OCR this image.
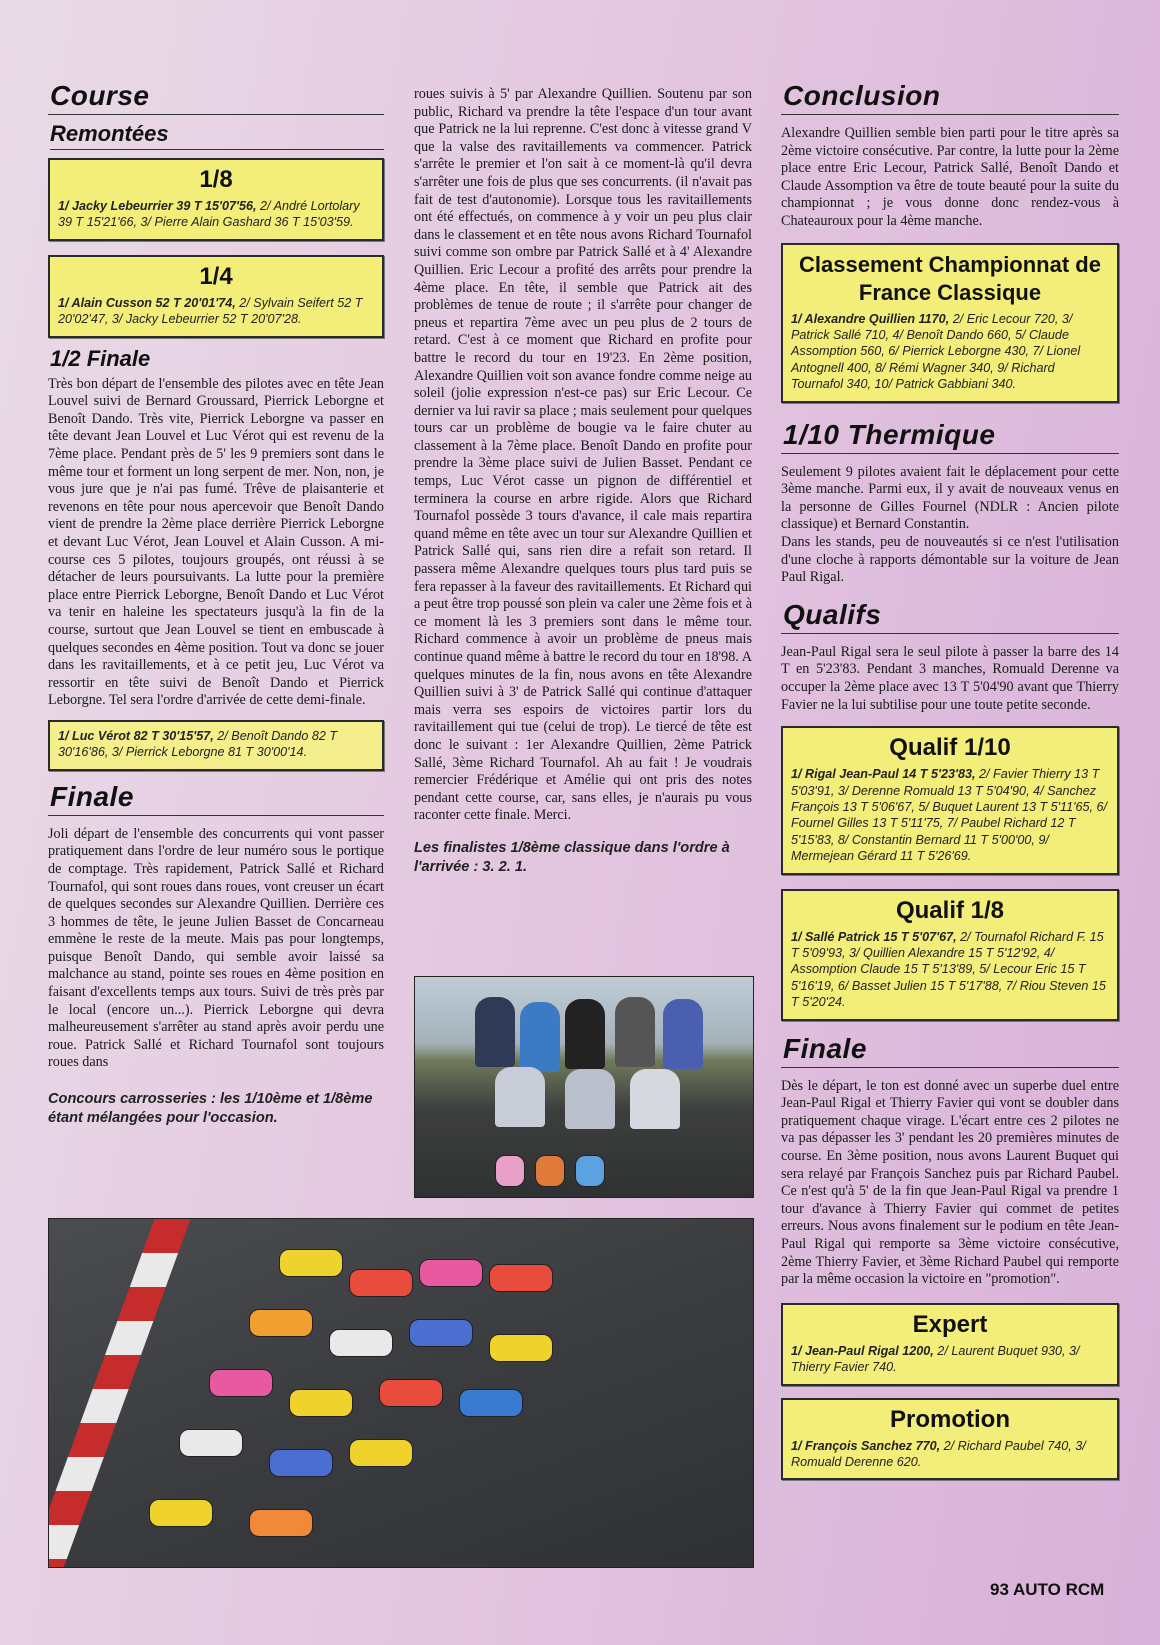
Course
Remontées
1/8

1/ Jacky Lebeurrier 39 T 15'07'56, 2/ André Lortolary 39 T 15'21'66, 3/ Pierre Alain Gashard 36 T 15'03'59.

1/4

1/ Alain Cusson 52 T 20'01'74, 2/ Sylvain Seifert 52 T 20'02'47, 3/ Jacky Lebeurrier 52 T 20'07'28.

1/2 Finale

Très bon départ de l'ensemble des pilotes avec en tête Jean Louvel suivi de Bernard Groussard, Pierrick Leborgne et Benoît Dando. Très vite, Pierrick Leborgne va passer en tête devant Jean Louvel et Luc Vérot qui est revenu de la 7ème place. Pendant près de 5' les 9 premiers sont dans le même tour et forment un long serpent de mer. Non, non, je vous jure que je n'ai pas fumé. Trêve de plaisanterie et revenons en tête pour nous apercevoir que Benoît Dando vient de prendre la 2ème place derrière Pierrick Leborgne et devant Luc Vérot, Jean Louvel et Alain Cusson. A mi-course ces 5 pilotes, toujours groupés, ont réussi à se détacher de leurs poursuivants. La lutte pour la première place entre Pierrick Leborgne, Benoît Dando et Luc Vérot va tenir en haleine les spectateurs jusqu'à la fin de la course, surtout que Jean Louvel se tient en embuscade à quelques secondes en 4ème position. Tout va donc se jouer dans les ravitaillements, et à ce petit jeu, Luc Vérot va ressortir en tête suivi de Benoît Dando et Pierrick Leborgne. Tel sera l'ordre d'arrivée de cette demi-finale.

1/ Luc Vérot 82 T 30'15'57, 2/ Benoît Dando 82 T 30'16'86, 3/ Pierrick Leborgne 81 T 30'00'14.

Finale

Joli départ de l'ensemble des concurrents qui vont passer pratiquement dans l'ordre de leur numéro sous le portique de comptage. Très rapidement, Patrick Sallé et Richard Tournafol, qui sont roues dans roues, vont creuser un écart de quelques secondes sur Alexandre Quillien. Derrière ces 3 hommes de tête, le jeune Julien Basset de Concarneau emmène le reste de la meute. Mais pas pour longtemps, puisque Benoît Dando, qui semble avoir laissé sa malchance au stand, pointe ses roues en 4ème position en faisant d'excellents temps aux tours. Suivi de très près par le local (encore un...). Pierrick Leborgne qui devra malheureusement s'arrêter au stand après avoir perdu une roue. Patrick Sallé et Richard Tournafol sont toujours roues dans

Concours carrosseries : les 1/10ème et 1/8ème étant mélangées pour l'occasion.

roues suivis à 5' par Alexandre Quillien. Soutenu par son public, Richard va prendre la tête l'espace d'un tour avant que Patrick ne la lui reprenne. C'est donc à vitesse grand V que la valse des ravitaillements va commencer. Patrick s'arrête le premier et l'on sait à ce moment-là qu'il devra s'arrêter une fois de plus que ses concurrents. (il n'avait pas fait de test d'autonomie). Lorsque tous les ravitaillements ont été effectués, on commence à y voir un peu plus clair dans le classement et en tête nous avons Richard Tournafol suivi comme son ombre par Patrick Sallé et à 4' Alexandre Quillien. Eric Lecour a profité des arrêts pour prendre la 4ème place. En tête, il semble que Patrick ait des problèmes de tenue de route ; il s'arrête pour changer de pneus et repartira 7ème avec un peu plus de 2 tours de retard. C'est à ce moment que Richard en profite pour battre le record du tour en 19'23. En 2ème position, Alexandre Quillien voit son avance fondre comme neige au soleil (jolie expression n'est-ce pas) sur Eric Lecour. Ce dernier va lui ravir sa place ; mais seulement pour quelques tours car un problème de bougie va le faire chuter au classement à la 7ème place. Benoît Dando en profite pour prendre la 3ème place suivi de Julien Basset. Pendant ce temps, Luc Vérot casse un pignon de différentiel et terminera la course en arbre rigide. Alors que Richard Tournafol possède 3 tours d'avance, il cale mais repartira quand même en tête avec un tour sur Alexandre Quillien et Patrick Sallé qui, sans rien dire a refait son retard. Il passera même Alexandre quelques tours plus tard puis se fera repasser à la faveur des ravitaillements. Et Richard qui a peut être trop poussé son plein va caler une 2ème fois et à ce moment là les 3 premiers sont dans le même tour. Richard commence à avoir un problème de pneus mais continue quand même à battre le record du tour en 18'98. A quelques minutes de la fin, nous avons en tête Alexandre Quillien suivi à 3' de Patrick Sallé qui continue d'attaquer mais verra ses espoirs de victoires partir lors du ravitaillement qui tue (celui de trop). Le tiercé de tête est donc le suivant : 1er Alexandre Quillien, 2ème Patrick Sallé, 3ème Richard Tournafol. Ah au fait ! Je voudrais remercier Frédérique et Amélie qui ont pris des notes pendant cette course, car, sans elles, je n'aurais pu vous raconter cette finale. Merci.

Les finalistes 1/8ème classique dans l'ordre à l'arrivée : 3. 2. 1.

Conclusion

Alexandre Quillien semble bien parti pour le titre après sa 2ème victoire consécutive. Par contre, la lutte pour la 2ème place entre Eric Lecour, Patrick Sallé, Benoît Dando et Claude Assomption va être de toute beauté pour la suite du championnat ; je vous donne donc rendez-vous à Chateauroux pour la 4ème manche.

Classement Championnat de France Classique

1/ Alexandre Quillien 1170, 2/ Eric Lecour 720, 3/ Patrick Sallé 710, 4/ Benoît Dando 660, 5/ Claude Assomption 560, 6/ Pierrick Leborgne 430, 7/ Lionel Antognell 400, 8/ Rémi Wagner 340, 9/ Richard Tournafol 340, 10/ Patrick Gabbiani 340.

1/10 Thermique

Seulement 9 pilotes avaient fait le déplacement pour cette 3ème manche. Parmi eux, il y avait de nouveaux venus en la personne de Gilles Fournel (NDLR : Ancien pilote classique) et Bernard Constantin.

Dans les stands, peu de nouveautés si ce n'est l'utilisation d'une cloche à rapports démontable sur la voiture de Jean Paul Rigal.

Qualifs

Jean-Paul Rigal sera le seul pilote à passer la barre des 14 T en 5'23'83. Pendant 3 manches, Romuald Derenne va occuper la 2ème place avec 13 T 5'04'90 avant que Thierry Favier ne la lui subtilise pour une toute petite seconde.

Qualif 1/10

1/ Rigal Jean-Paul 14 T 5'23'83, 2/ Favier Thierry 13 T 5'03'91, 3/ Derenne Romuald 13 T 5'04'90, 4/ Sanchez François 13 T 5'06'67, 5/ Buquet Laurent 13 T 5'11'65, 6/ Fournel Gilles 13 T 5'11'75, 7/ Paubel Richard 12 T 5'15'83, 8/ Constantin Bernard 11 T 5'00'00, 9/ Mermejean Gérard 11 T 5'26'69.

Qualif 1/8

1/ Sallé Patrick 15 T 5'07'67, 2/ Tournafol Richard F. 15 T 5'09'93, 3/ Quillien Alexandre 15 T 5'12'92, 4/ Assomption Claude 15 T 5'13'89, 5/ Lecour Eric 15 T 5'16'19, 6/ Basset Julien 15 T 5'17'88, 7/ Riou Steven 15 T 5'20'24.

Finale

Dès le départ, le ton est donné avec un superbe duel entre Jean-Paul Rigal et Thierry Favier qui vont se doubler dans pratiquement chaque virage. L'écart entre ces 2 pilotes ne va pas dépasser les 3' pendant les 20 premières minutes de course. En 3ème position, nous avons Laurent Buquet qui sera relayé par François Sanchez puis par Richard Paubel. Ce n'est qu'à 5' de la fin que Jean-Paul Rigal va prendre 1 tour d'avance à Thierry Favier qui commet de petites erreurs. Nous avons finalement sur le podium en tête Jean-Paul Rigal qui remporte sa 3ème victoire consécutive, 2ème Thierry Favier, et 3ème Richard Paubel qui remporte par la même occasion la victoire en "promotion".

Expert

1/ Jean-Paul Rigal 1200, 2/ Laurent Buquet 930, 3/ Thierry Favier 740.

Promotion

1/ François Sanchez 770, 2/ Richard Paubel 740, 3/ Romuald Derenne 620.

93 AUTO RCM
